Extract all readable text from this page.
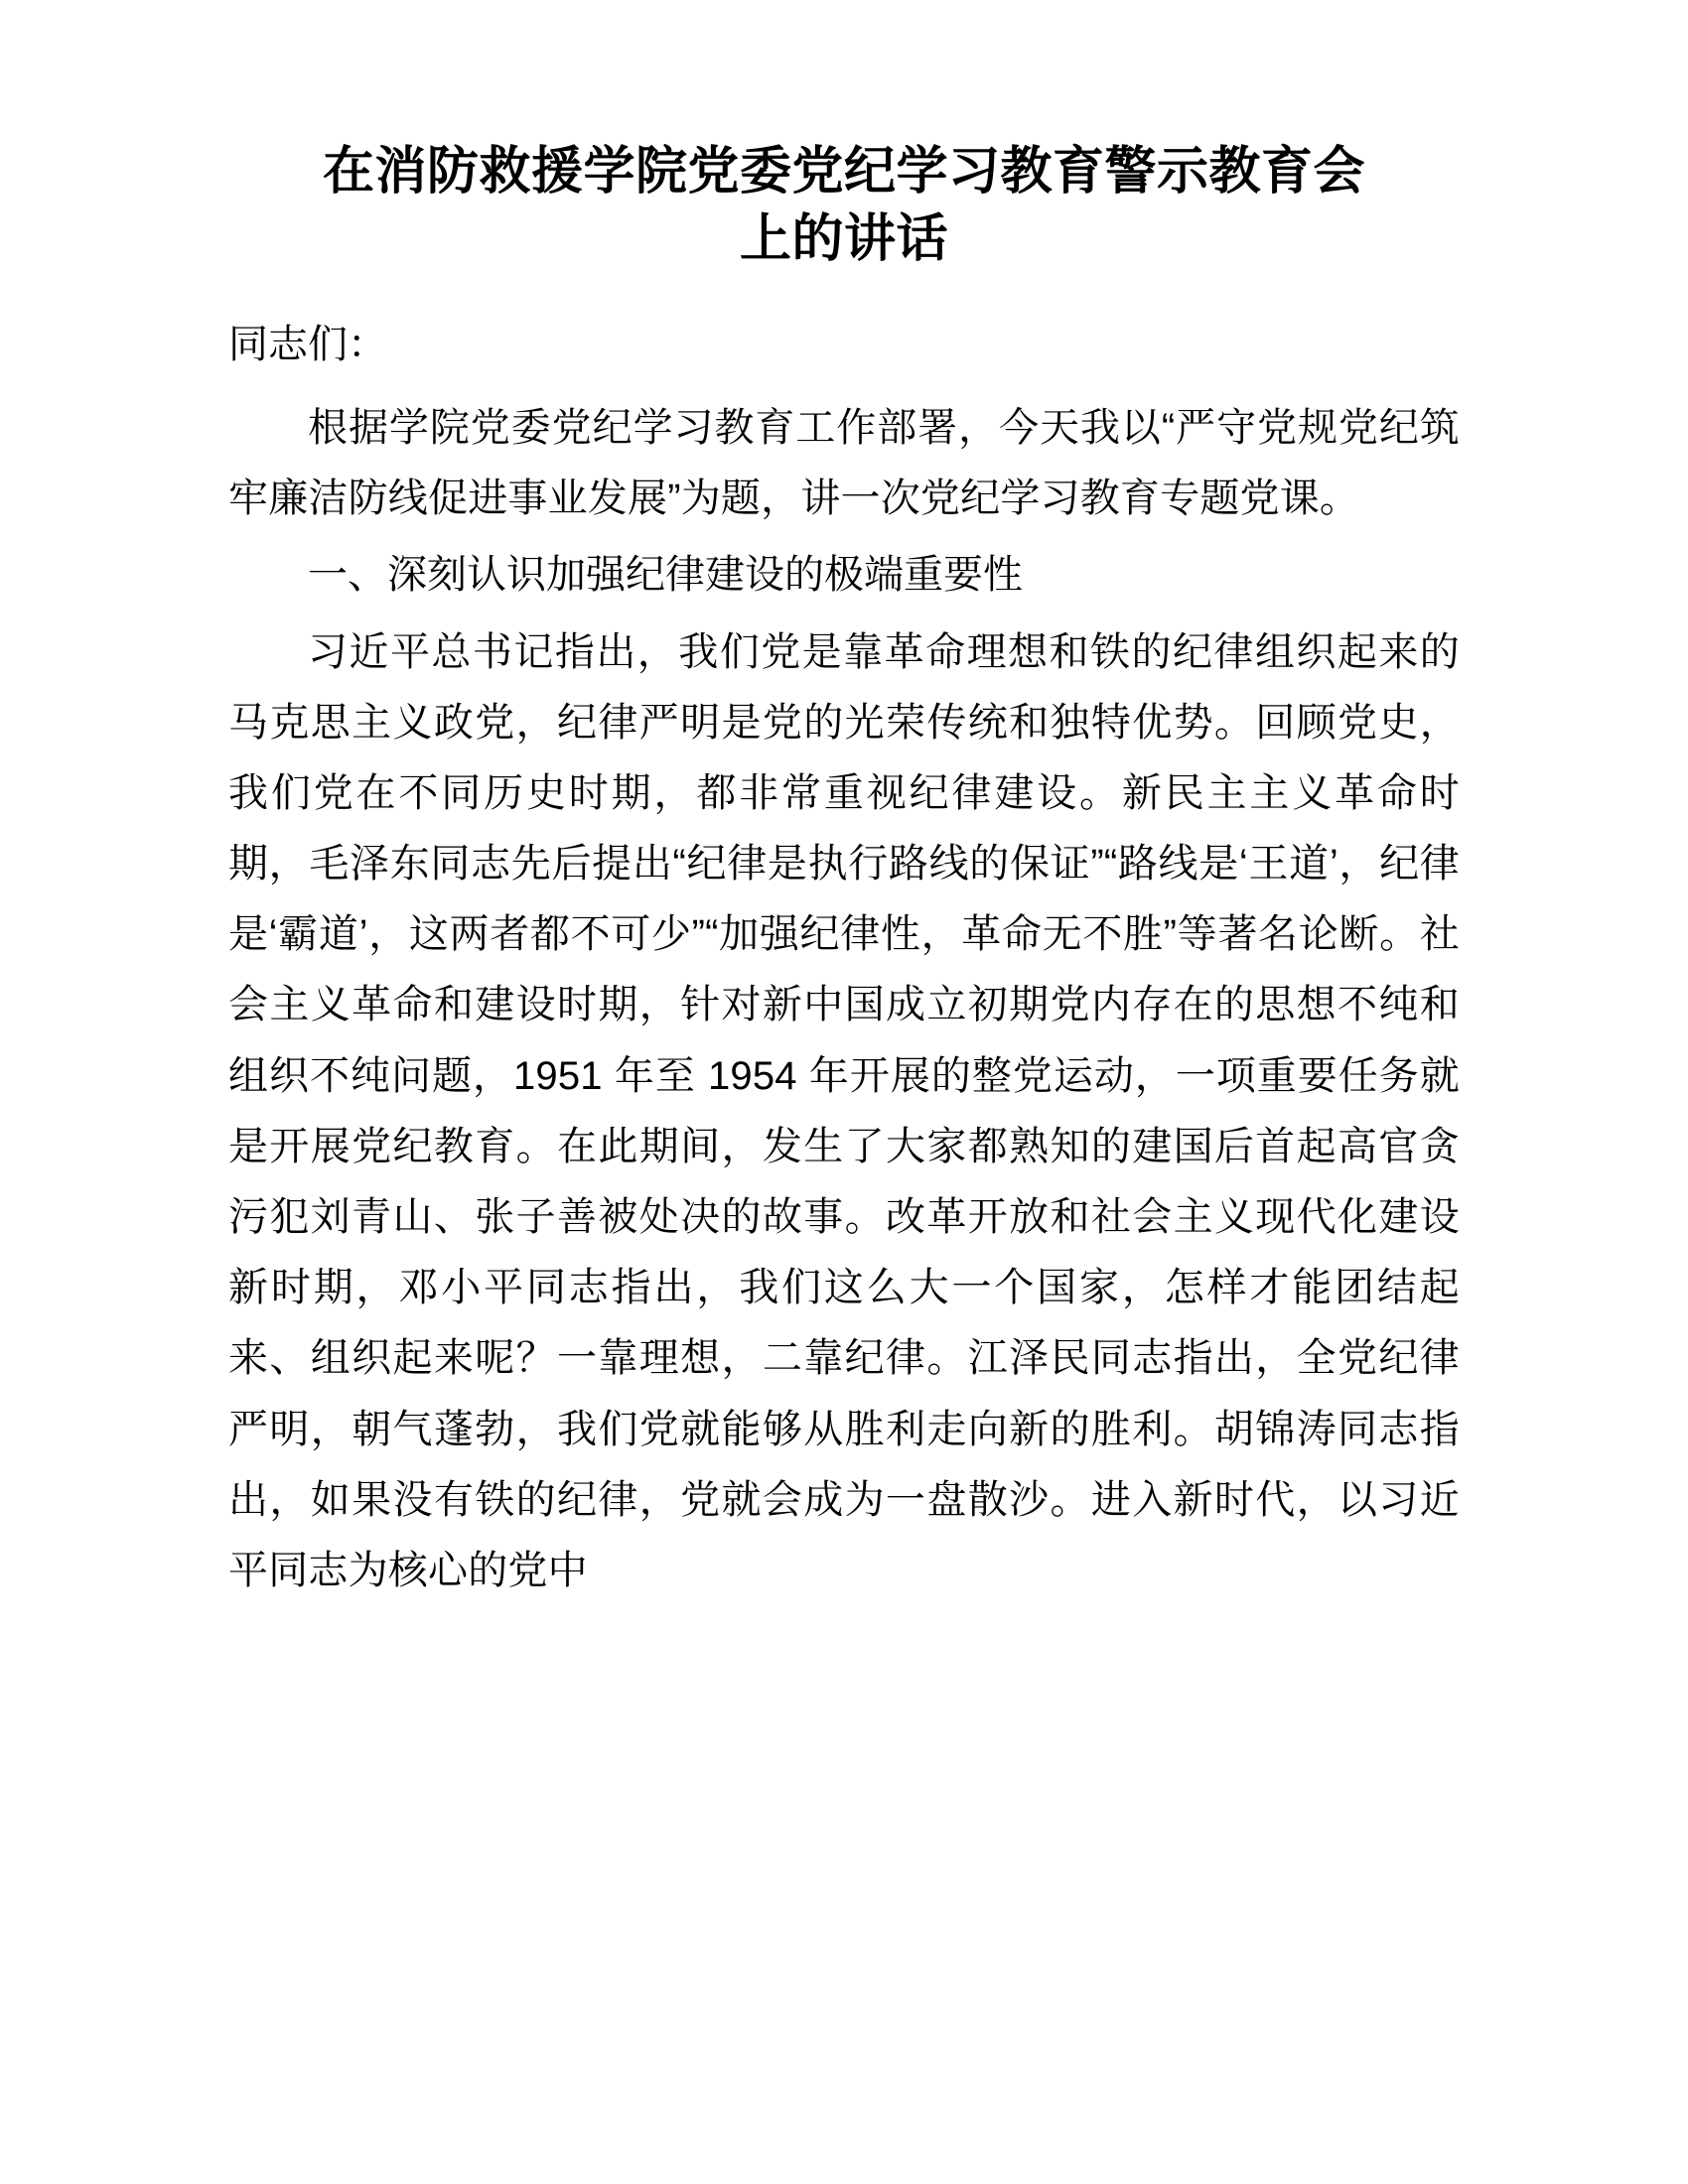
在消防救援学院党委党纪学习教育警示教育会
上的讲话

同志们：

根据学院党委党纪学习教育工作部署，今天我以“严守党规党纪筑牢廉洁防线促进事业发展”为题，讲一次党纪学习教育专题党课。

一、深刻认识加强纪律建设的极端重要性

习近平总书记指出，我们党是靠革命理想和铁的纪律组织起来的马克思主义政党，纪律严明是党的光荣传统和独特优势。回顾党史，我们党在不同历史时期，都非常重视纪律建设。新民主主义革命时期，毛泽东同志先后提出“纪律是执行路线的保证”“路线是‘王道’，纪律是‘霸道’，这两者都不可少”“加强纪律性，革命无不胜”等著名论断。社会主义革命和建设时期，针对新中国成立初期党内存在的思想不纯和组织不纯问题，1951 年至 1954 年开展的整党运动，一项重要任务就是开展党纪教育。在此期间，发生了大家都熟知的建国后首起高官贪污犯刘青山、张子善被处决的故事。改革开放和社会主义现代化建设新时期，邓小平同志指出，我们这么大一个国家，怎样才能团结起来、组织起来呢？一靠理想，二靠纪律。江泽民同志指出，全党纪律严明，朝气蓬勃，我们党就能够从胜利走向新的胜利。胡锦涛同志指出，如果没有铁的纪律，党就会成为一盘散沙。进入新时代，以习近平同志为核心的党中
